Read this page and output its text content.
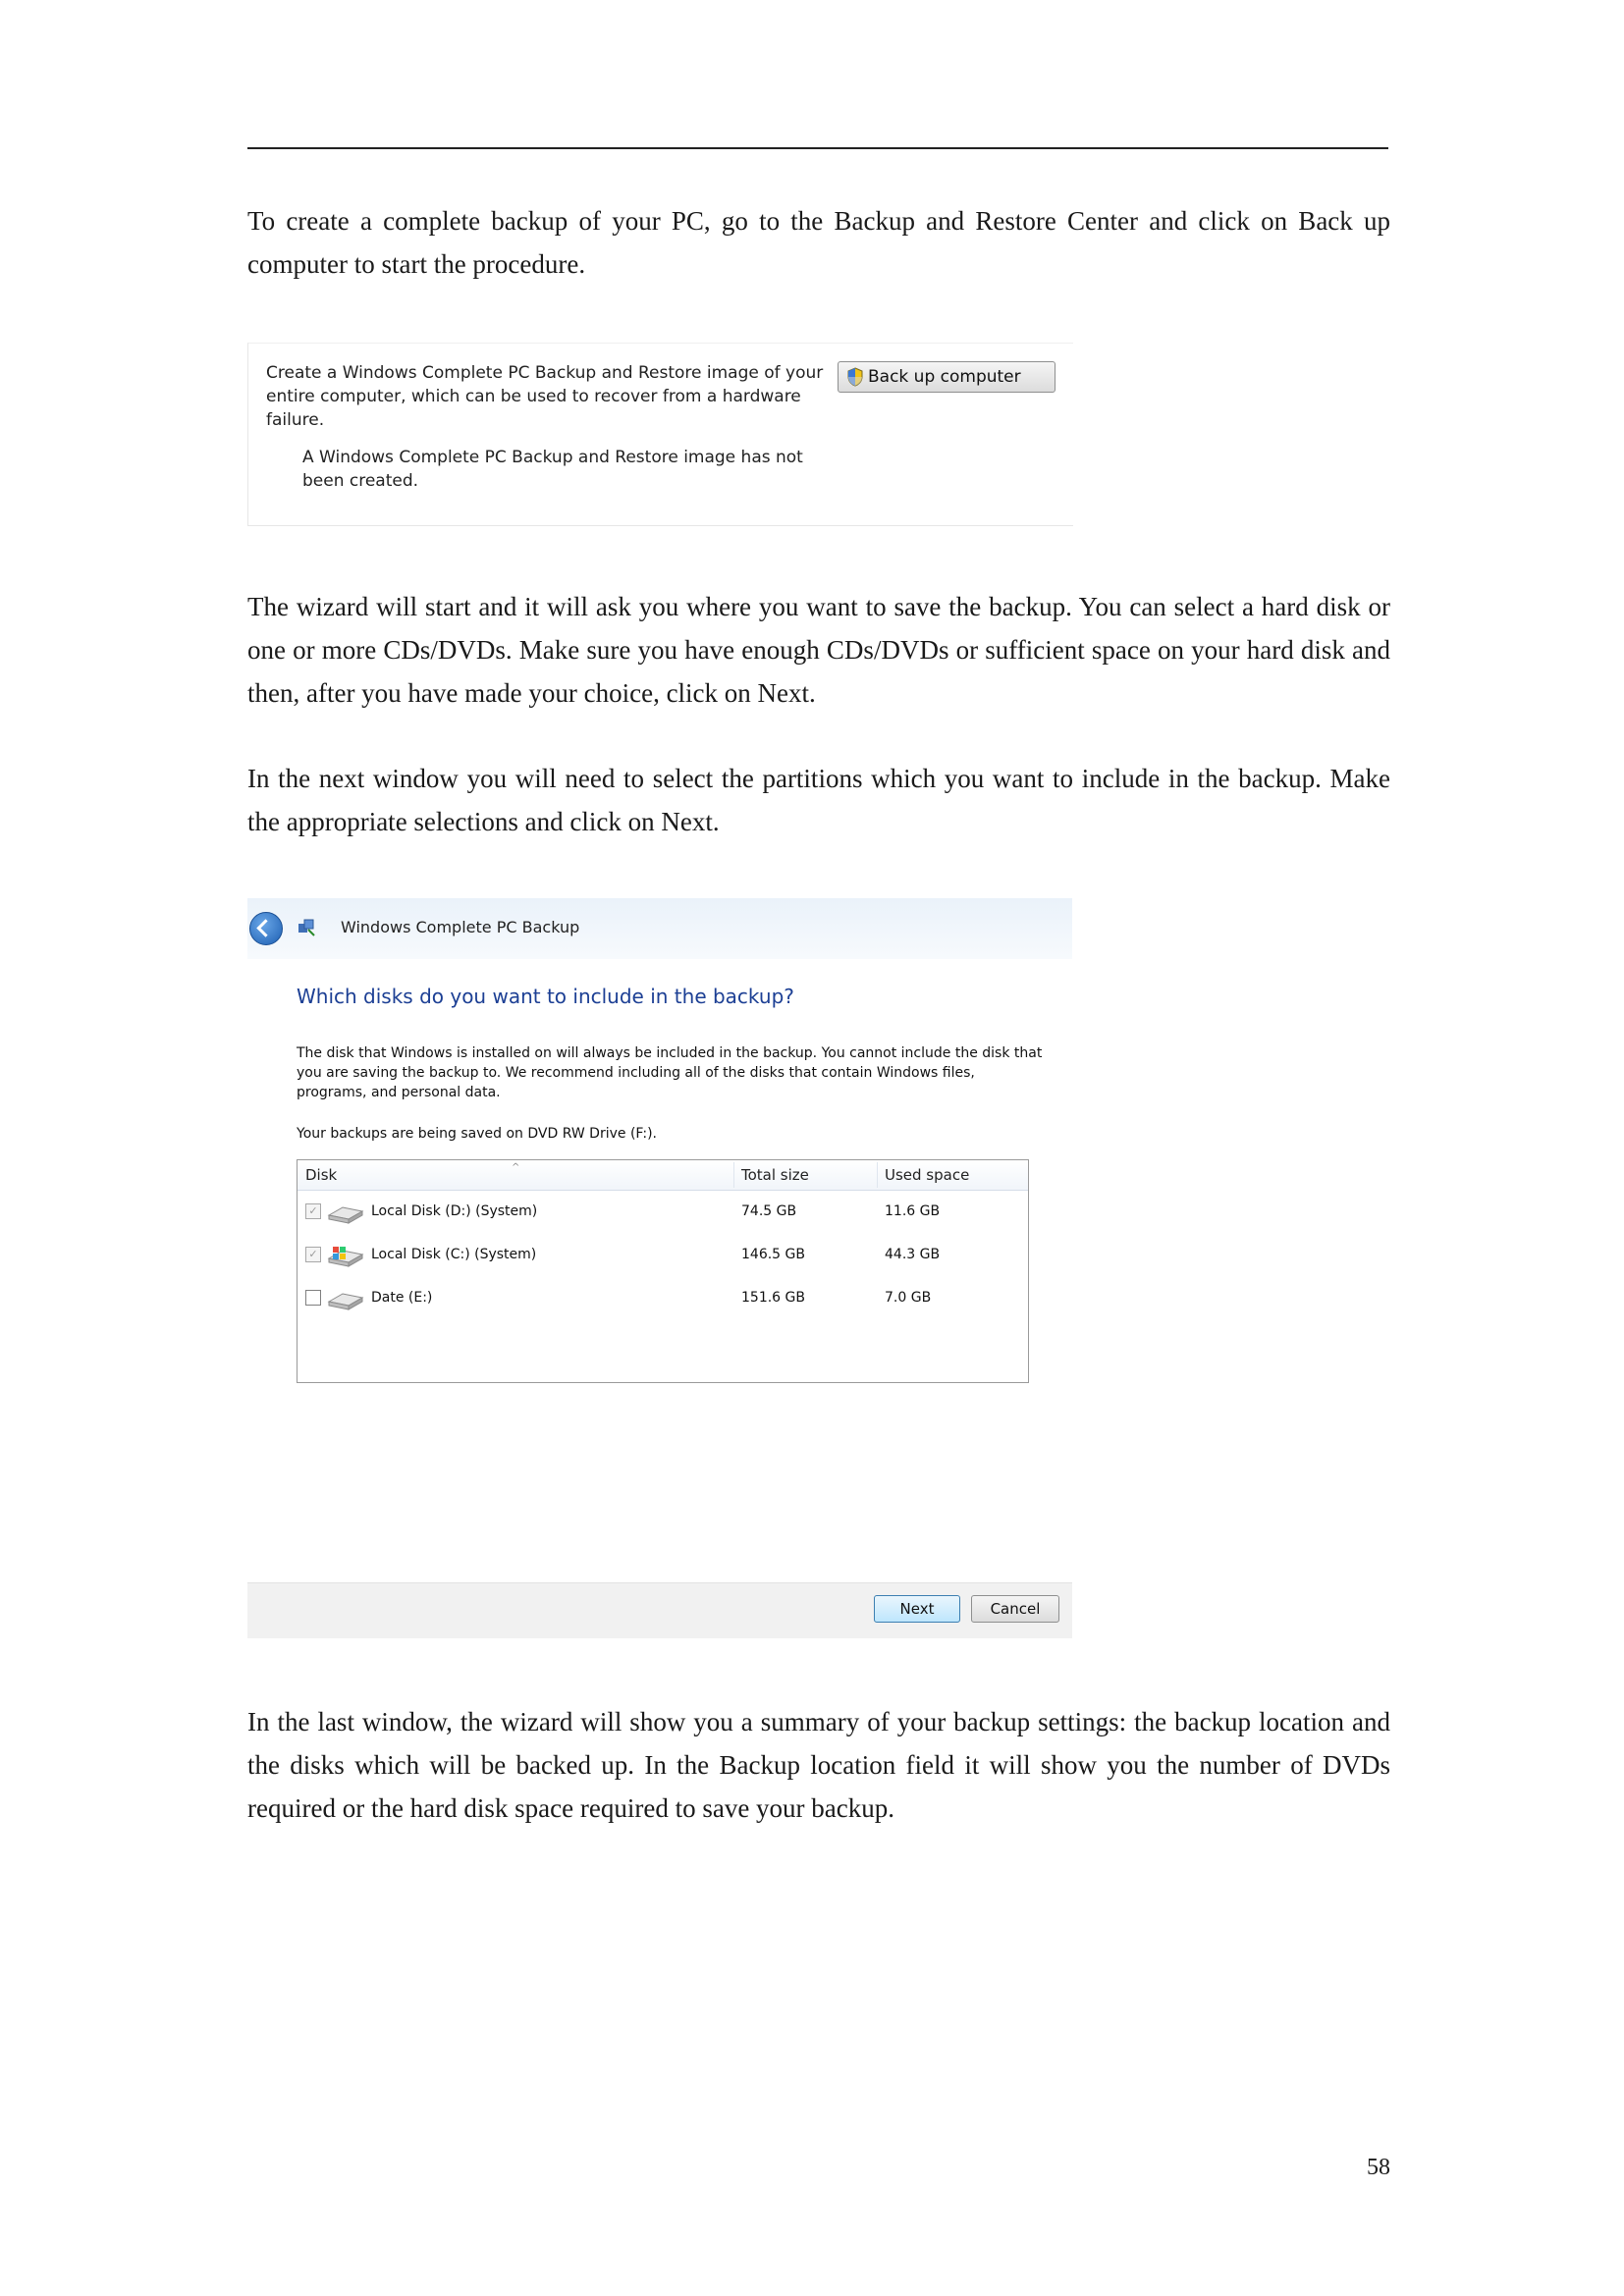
To create a complete backup of your PC, go to the Backup and Restore Center and click on Back up computer to start the procedure.

Create a Windows Complete PC Backup and Restore image of your entire computer, which can be used to recover from a hardware failure.

A Windows Complete PC Backup and Restore image has not been created.

Back up computer

The wizard will start and it will ask you where you want to save the backup. You can select a hard disk or one or more CDs/DVDs. Make sure you have enough CDs/DVDs or sufficient space on your hard disk and then, after you have made your choice, click on Next.

In the next window you will need to select the partitions which you want to include in the backup. Make the appropriate selections and click on Next.

Windows Complete PC Backup
Which disks do you want to include in the backup?

The disk that Windows is installed on will always be included in the backup. You cannot include the disk that you are saving the backup to. We recommend including all of the disks that contain Windows files, programs, and personal data.

Your backups are being saved on DVD RW Drive (F:).
Disk	^	Total size	Used space
✓	Local Disk (D:) (System)	74.5 GB	11.6 GB
✓	Local Disk (C:) (System)	146.5 GB	44.3 GB
Date (E:)	151.6 GB	7.0 GB
Next	Cancel

In the last window, the wizard will show you a summary of your backup settings: the backup location and the disks which will be backed up. In the Backup location field it will show you the number of DVDs required or the hard disk space required to save your backup.

58
